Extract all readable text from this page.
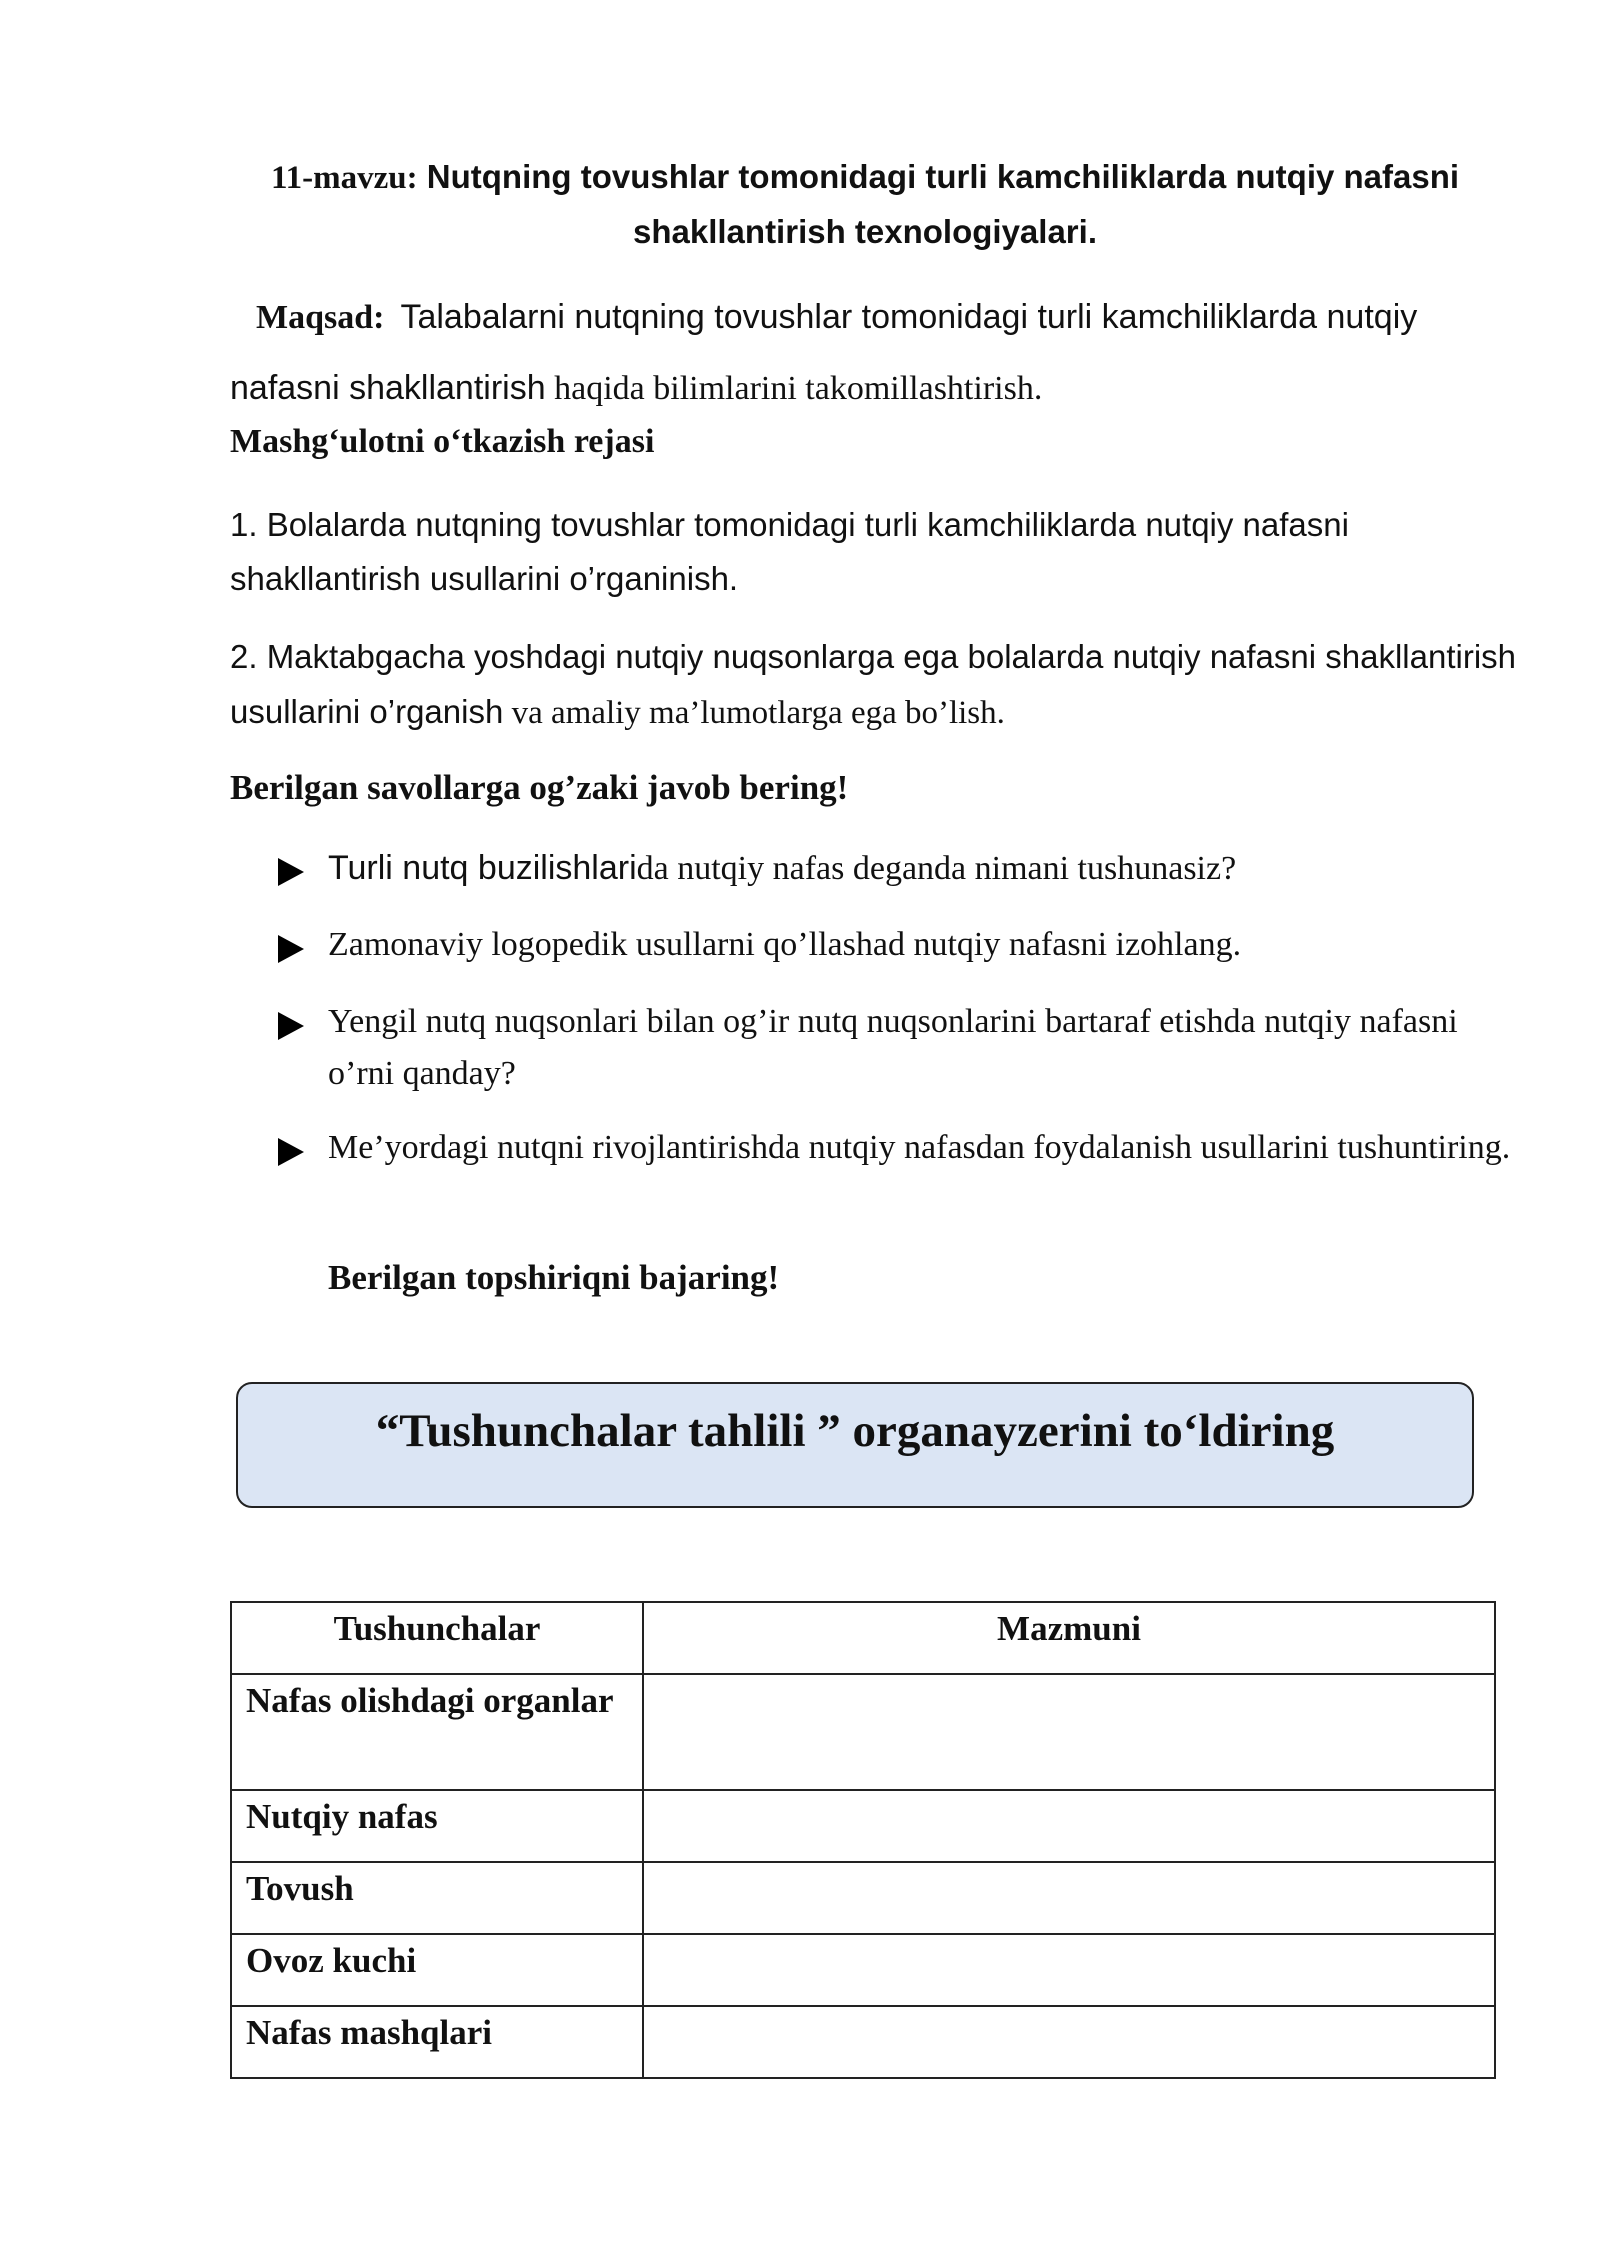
11-mavzu: Nutqning tovushlar tomonidagi turli kamchiliklarda nutqiy nafasni shakllantirish texnologiyalari.
Maqsad: Talabalarni nutqning tovushlar tomonidagi turli kamchiliklarda nutqiy nafasni shakllantirish haqida bilimlarini takomillashtirish.
Mashg‘ulotni o‘tkazish rejasi
1. Bolalarda nutqning tovushlar tomonidagi turli kamchiliklarda nutqiy nafasni shakllantirish usullarini o’rganinish.
2. Maktabgacha yoshdagi nutqiy nuqsonlarga ega bolalarda nutqiy nafasni shakllantirish usullarini o’rganish va amaliy ma’lumotlarga ega bo’lish.
Berilgan savollarga og’zaki javob bering!
Turli nutq buzilishlarida nutqiy nafas deganda nimani tushunasiz?
Zamonaviy logopedik usullarni qo’llashad nutqiy nafasni izohlang.
Yengil nutq nuqsonlari bilan og’ir nutq nuqsonlarini bartaraf etishda nutqiy nafasni o’rni qanday?
Me’yordagi nutqni rivojlantirishda nutqiy nafasdan foydalanish usullarini tushuntiring.
Berilgan topshiriqni bajaring!
“Tushunchalar tahlili ” organayzerini to‘ldiring
Tushunchalar	Mazmuni
Nafas olishdagi organlar	
Nutqiy nafas	
Tovush	
Ovoz kuchi	
Nafas mashqlari	
